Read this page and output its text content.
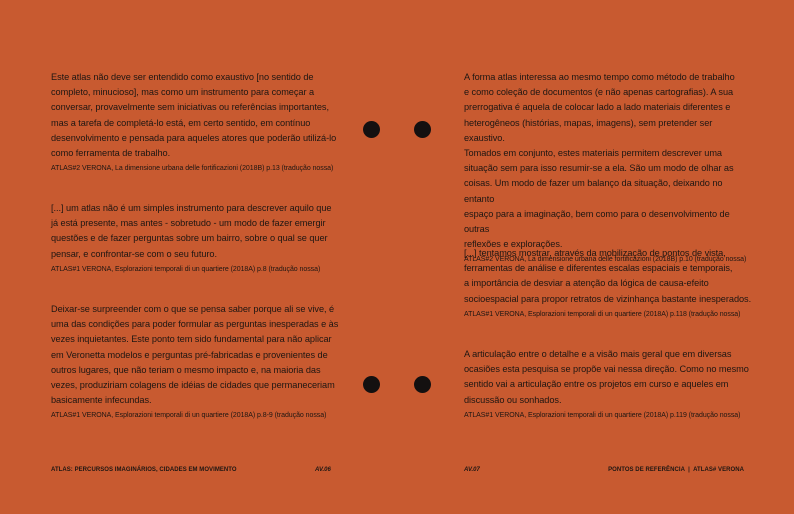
Este atlas não deve ser entendido como exaustivo [no sentido de
completo, minucioso], mas como um instrumento para começar a
conversar, provavelmente sem iniciativas ou referências importantes,
mas a tarefa de completá-lo está, em certo sentido, em contínuo
desenvolvimento e pensada para aqueles atores que poderão utilizá-lo
como ferramenta de trabalho.

ATLAS#2 VERONA, La dimensione urbana delle fortificazioni (2018B) p.13 (tradução nossa)

[...] um atlas não é um simples instrumento para descrever aquilo que
já está presente, mas antes - sobretudo - um modo de fazer emergir
questões e de fazer perguntas sobre um bairro, sobre o qual se quer
pensar, e confrontar-se com o seu futuro.

ATLAS#1 VERONA, Esplorazioni temporali di un quartiere (2018A) p.8 (tradução nossa)

Deixar-se surpreender com o que se pensa saber porque ali se vive, é
uma das condições para poder formular as perguntas inesperadas e às
vezes inquietantes. Este ponto tem sido fundamental para não aplicar
em Veronetta modelos e perguntas pré-fabricadas e provenientes de
outros lugares, que não teriam o mesmo impacto e, na maioria das
vezes, produziriam colagens de idéias de cidades que permaneceriam
basicamente infecundas.

ATLAS#1 VERONA, Esplorazioni temporali di un quartiere (2018A) p.8-9 (tradução nossa)
ATLAS: PERCURSOS IMAGINÁRIOS, CIDADES EM MOVIMENTO	AV.06

A forma atlas interessa ao mesmo tempo como método de trabalho
e como coleção de documentos (e não apenas cartografias). A sua
prerrogativa é aquela de colocar lado a lado materiais diferentes e
heterogêneos (histórias, mapas, imagens), sem pretender ser exaustivo.
Tomados em conjunto, estes materiais permitem descrever uma
situação sem para isso resumir-se a ela. São um modo de olhar as
coisas. Um modo de fazer um balanço da situação, deixando no entanto
espaço para a imaginação, bem como para o desenvolvimento de outras
reflexões e explorações.

ATLAS#2 VERONA, La dimensione urbana delle fortificazioni (2018B) p.10 (tradução nossa)

[...] tentamos mostrar, através da mobilização de pontos de vista,
ferramentas de análise e diferentes escalas espaciais e temporais,
a importância de desviar a atenção da lógica de causa-efeito
socioespacial para propor retratos de vizinhança bastante inesperados.

ATLAS#1 VERONA, Esplorazioni temporali di un quartiere (2018A) p.118 (tradução nossa)

A articulação entre o detalhe e a visão mais geral que em diversas
ocasiões esta pesquisa se propõe vai nessa direção. Como no mesmo
sentido vai a articulação entre os projetos em curso e aqueles em
discussão ou sonhados.

ATLAS#1 VERONA, Esplorazioni temporali di un quartiere (2018A) p.119 (tradução nossa)
AV.07	PONTOS DE REFERÊNCIA  |  ATLAS# VERONA
